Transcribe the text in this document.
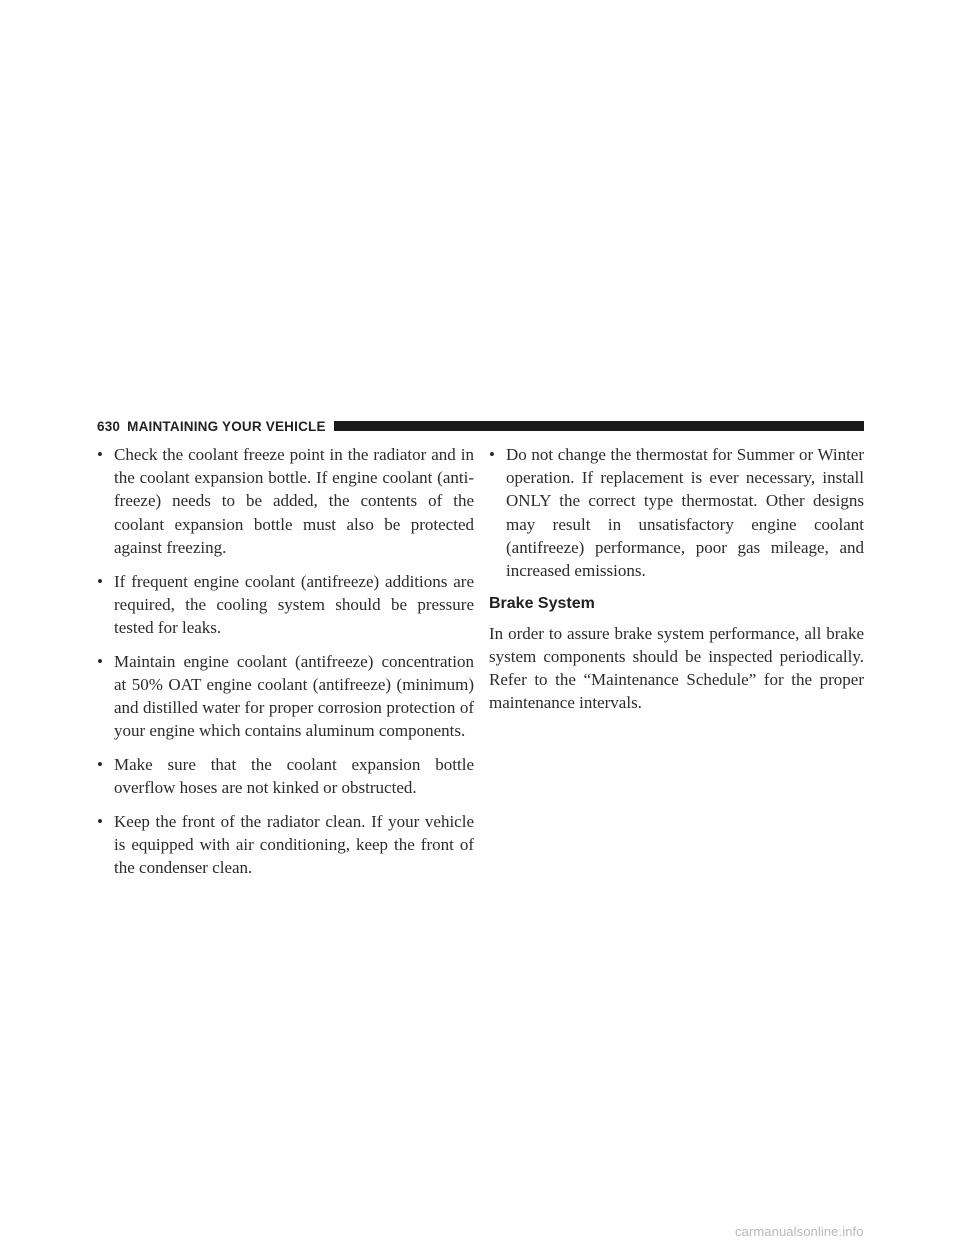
630 MAINTAINING YOUR VEHICLE
• Check the coolant freeze point in the radiator and in the coolant expansion bottle. If engine coolant (anti-freeze) needs to be added, the contents of the coolant expansion bottle must also be protected against freezing.
• If frequent engine coolant (antifreeze) additions are required, the cooling system should be pressure tested for leaks.
• Maintain engine coolant (antifreeze) concentration at 50% OAT engine coolant (antifreeze) (minimum) and distilled water for proper corrosion protection of your engine which contains aluminum components.
• Make sure that the coolant expansion bottle overflow hoses are not kinked or obstructed.
• Keep the front of the radiator clean. If your vehicle is equipped with air conditioning, keep the front of the condenser clean.
• Do not change the thermostat for Summer or Winter operation. If replacement is ever necessary, install ONLY the correct type thermostat. Other designs may result in unsatisfactory engine coolant (antifreeze) performance, poor gas mileage, and increased emissions.
Brake System

In order to assure brake system performance, all brake system components should be inspected periodically. Refer to the “Maintenance Schedule” for the proper maintenance intervals.

carmanualsonline.info
